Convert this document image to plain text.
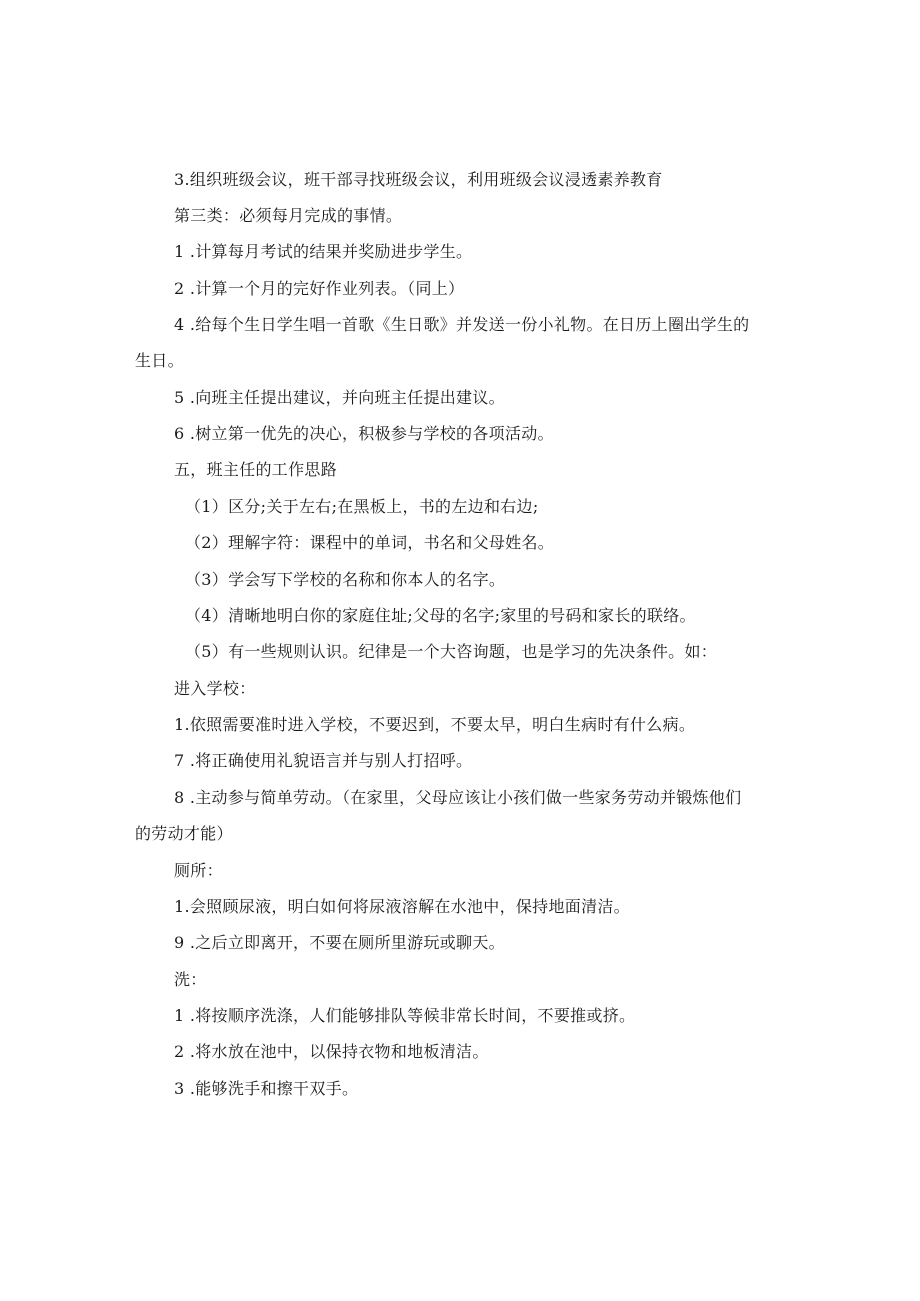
3.组织班级会议，班干部寻找班级会议，利用班级会议浸透素养教育
第三类：必须每月完成的事情。
1 .计算每月考试的结果并奖励进步学生。
2 .计算一个月的完好作业列表。（同上）
4 .给每个生日学生唱一首歌《生日歌》并发送一份小礼物。在日历上圈出学生的
生日。
5 .向班主任提出建议，并向班主任提出建议。
6 .树立第一优先的决心，积极参与学校的各项活动。
五，班主任的工作思路
（1）区分;关于左右;在黑板上，书的左边和右边;
（2）理解字符：课程中的单词，书名和父母姓名。
（3）学会写下学校的名称和你本人的名字。
（4）清晰地明白你的家庭住址;父母的名字;家里的号码和家长的联络。
（5）有一些规则认识。纪律是一个大咨询题，也是学习的先决条件。如：
进入学校：
1.依照需要准时进入学校，不要迟到，不要太早，明白生病时有什么病。
7 .将正确使用礼貌语言并与别人打招呼。
8 .主动参与简单劳动。（在家里，父母应该让小孩们做一些家务劳动并锻炼他们
的劳动才能）
厕所：
1.会照顾尿液，明白如何将尿液溶解在水池中，保持地面清洁。
9 .之后立即离开，不要在厕所里游玩或聊天。
洗：
1 .将按顺序洗涤，人们能够排队等候非常长时间，不要推或挤。
2 .将水放在池中，以保持衣物和地板清洁。
3 .能够洗手和擦干双手。
